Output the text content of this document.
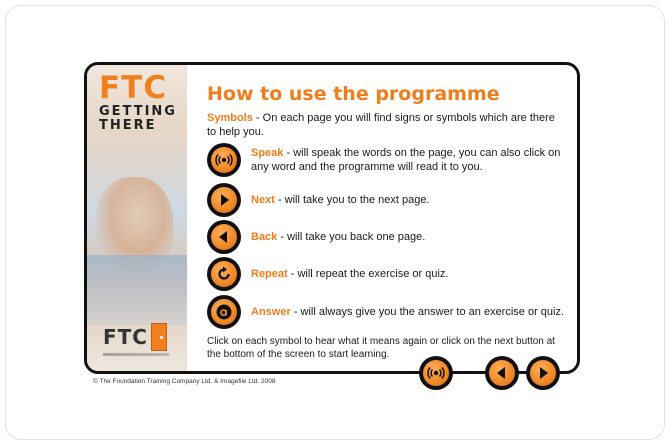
FTC
GETTING
THERE
FTC
How to use the programme
Symbols - On each page you will find signs or symbols which are there to help you.
Speak - will speak the words on the page, you can also click on any word and the programme will read it to you.
Next - will take you to the next page.
Back - will take you back one page.
Repeat - will repeat the exercise or quiz.
Answer - will always give you the answer to an exercise or quiz.
Click on each symbol to hear what it means again or click on the next button at the bottom of the screen to start learning.
© The Foundation Training Company Ltd. & Imagefile Ltd. 2008
